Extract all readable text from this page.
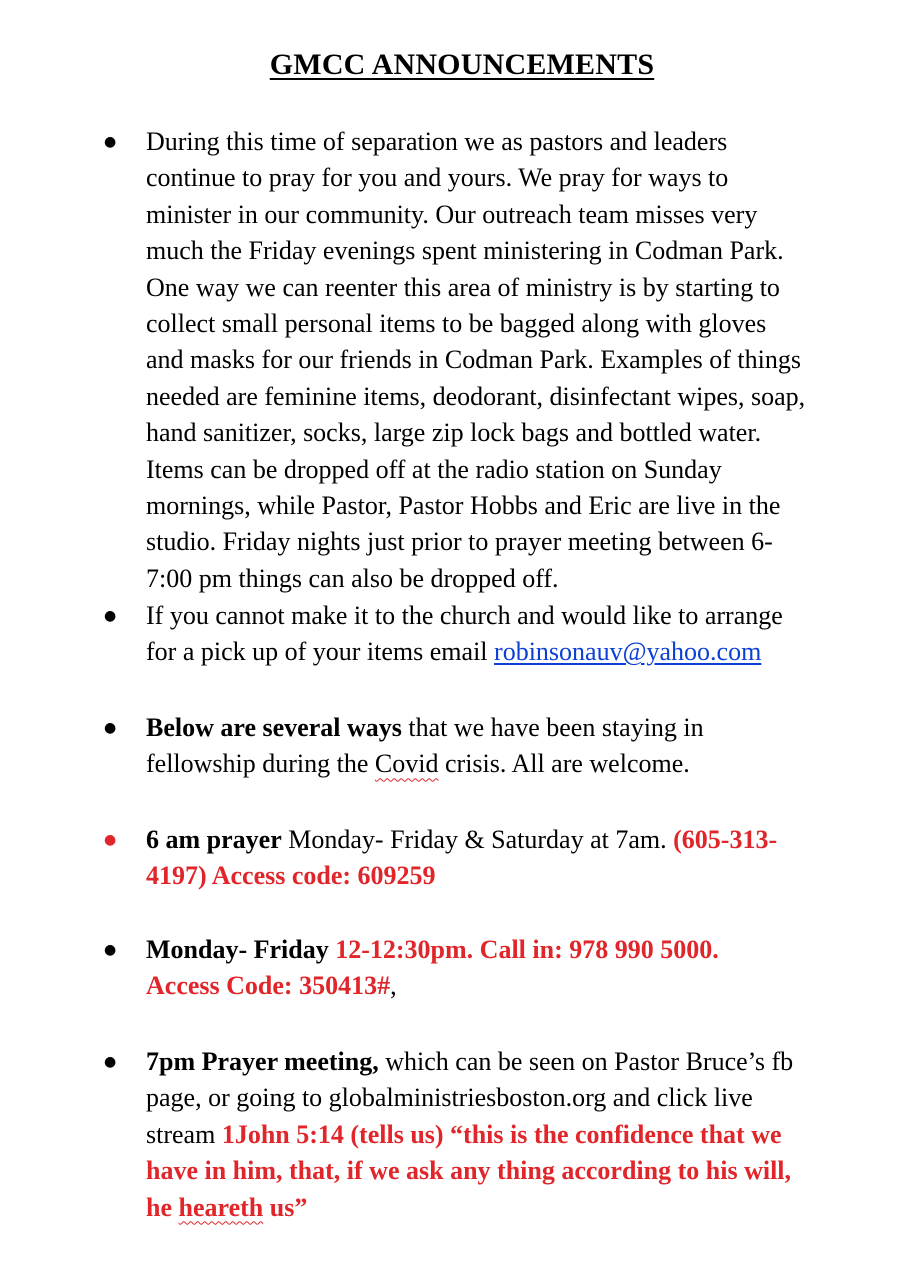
GMCC ANNOUNCEMENTS
● During this time of separation we as pastors and leaders
continue to pray for you and yours. We pray for ways to
minister in our community. Our outreach team misses very
much the Friday evenings spent ministering in Codman Park.
One way we can reenter this area of ministry is by starting to
collect small personal items to be bagged along with gloves
and masks for our friends in Codman Park. Examples of things
needed are feminine items, deodorant, disinfectant wipes, soap,
hand sanitizer, socks, large zip lock bags and bottled water.
Items can be dropped off at the radio station on Sunday
mornings, while Pastor, Pastor Hobbs and Eric are live in the
studio. Friday nights just prior to prayer meeting between 6-
7:00 pm things can also be dropped off.
● If you cannot make it to the church and would like to arrange
for a pick up of your items email robinsonauv@yahoo.com
● Below are several ways that we have been staying in
fellowship during the Covid crisis. All are welcome.
● 6 am prayer Monday- Friday & Saturday at 7am. (605-313-
4197) Access code: 609259
● Monday- Friday 12-12:30pm. Call in: 978 990 5000.
Access Code: 350413#,
● 7pm Prayer meeting, which can be seen on Pastor Bruce’s fb
page, or going to globalministriesboston.org and click live
stream 1John 5:14 (tells us) “this is the confidence that we
have in him, that, if we ask any thing according to his will,
he heareth us”
